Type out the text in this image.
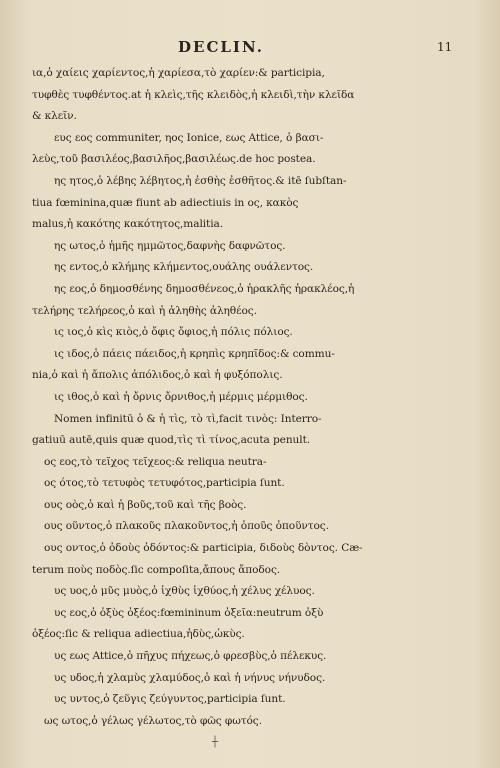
DECLIN.	11
ια,ὁ χαίεις χαρίεντος,ἡ χαρίεσα,τὸ χαρίεν:& participia,
τυφθὲς τυφθέντος.at ἡ κλεὶς,τῆς κλειδὸς,ἡ κλειδὶ,τὴν κλεῖδα
& κλεῖν.
ευς εος communiter, ηος Ionice, εως Attice, ὁ βασι-
λεὺς,τοῦ βασιλέος,βασιλῆος,βασιλέως.de hoc postea.
ης ητος,ὁ λέβης λέβητος,ἡ ἐσθὴς ἐσθῆτος.& itē ſubſtan-
tiua fœminina,quæ fiunt ab adiectiuis in ος, κακὸς
malus,ἡ κακότης κακότητος,malitia.
ης ωτος,ὁ ἡμῆς ημμῶτος,δαφνὴς δαφνῶτος.
ης εντος,ὁ κλήμης κλήμεντος,ουάλης ουάλεντος.
ης εος,ὁ δημοσθένης δημοσθένεος,ὁ ἡρακλῆς ἡρακλέος,ἡ
τελήρης τελήρεος,ὁ καὶ ἡ ἀληθὴς ἀληθέος.
ις ιος,ὁ κὶς κιὸς,ὁ ὄφις ὄφιος,ἡ πόλις πόλιος.
ις ιδος,ὁ πάεις πάειδος,ἡ κρηπὶς κρηπῖδος:& commu-
nia,ὁ καὶ ἡ ἄπολις ἀπόλιδος,ὁ καὶ ἡ φυξόπολις.
ις ιθος,ὁ καὶ ἡ ὄρνις ὄρνιθος,ἡ μέρμις μέρμιθος.
Nomen infinitū ὁ & ἡ τὶς, τὸ τὶ,facit τινὸς: Interro-
gatiuū autē,quis quæ quod,τὶς τὶ τίνος,acuta penult.
ος εος,τὸ τεῖχος τεῖχεος:& reliqua neutra-
ος ότος,τὸ τετυφὸς τετυφότος,participia ſunt.
ους οὸς,ὁ καὶ ἡ βοῦς,τοῦ καὶ τῆς βοὸς.
ους οῦντος,ὁ πλακοῦς πλακοῦντος,ἡ ὀπoῦς ὀποῦντος.
ους οντος,ὁ ὀδοὺς ὀδόντος:& participia, διδοὺς δὸντος. Cæ-
terum ποὺς ποδὸς.ſic compoſita,ἄπους ἄποδος.
υς υος,ὁ μῦς μυὸς,ὁ ἰχθὺς ἰχθύος,ἡ χέλυς χέλυος.
υς εος,ὁ ὀξὺς ὀξέος:fœmininum ὀξεῖα:neutrum ὀξὺ
ὀξέος:ſic & reliqua adiectiua,ἡδὺς,ὠκὺς.
υς εως Attice,ὁ πῆχυς πήχεως,ὁ φρεσβὺς,ὁ πέλεκυς.
υς υδος,ἡ χλαμὺς χλαμύδος,ὁ καὶ ἡ νήνυς νήνυδος.
υς υντος,ὁ ζεῦγις ζεύγυντος,participia ſunt.
ως ωτος,ὁ γέλως γέλωτος,τὸ φῶς φωτός.
┼
